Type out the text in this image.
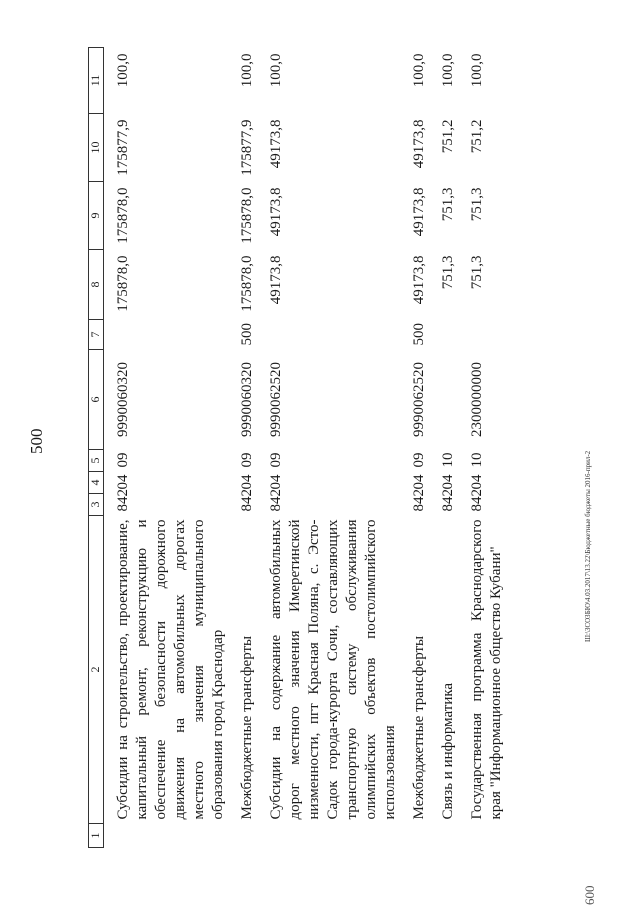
500
600
Ш:\ЗСОЗБЮ\4.03.2017\13.22\Бюджетные бюджеты 2016-прил-2
1	2	3	4	5	6	7	8	9	10	11

	Субсидии на строительство, проектирование, капитальный ремонт, реконструкцию и обеспечение безопасности дорожного движения на автомобильных дорогах местного значения муниципального образования город Краснодар	842	04	09	9990060320		175878,0	175878,0	175877,9	100,0

	Межбюджетные трансферты	842	04	09	9990060320	500	175878,0	175878,0	175877,9	100,0

	Субсидии на содержание автомобильных дорог местного значения Имеретинской низменности, пгт Красная Поляна, с. Эсто-Садок города-курорта Сочи, составляющих транспортную систему обслуживания олимпийских объектов постолимпийского использования	842	04	09	9990062520		49173,8	49173,8	49173,8	100,0

	Межбюджетные трансферты	842	04	09	9990062520	500	49173,8	49173,8	49173,8	100,0

	Связь и информатика	842	04	10			751,3	751,3	751,2	100,0

	Государственная программа Краснодарского края "Информационное общество Кубани"	842	04	10	2300000000		751,3	751,3	751,2	100,0
